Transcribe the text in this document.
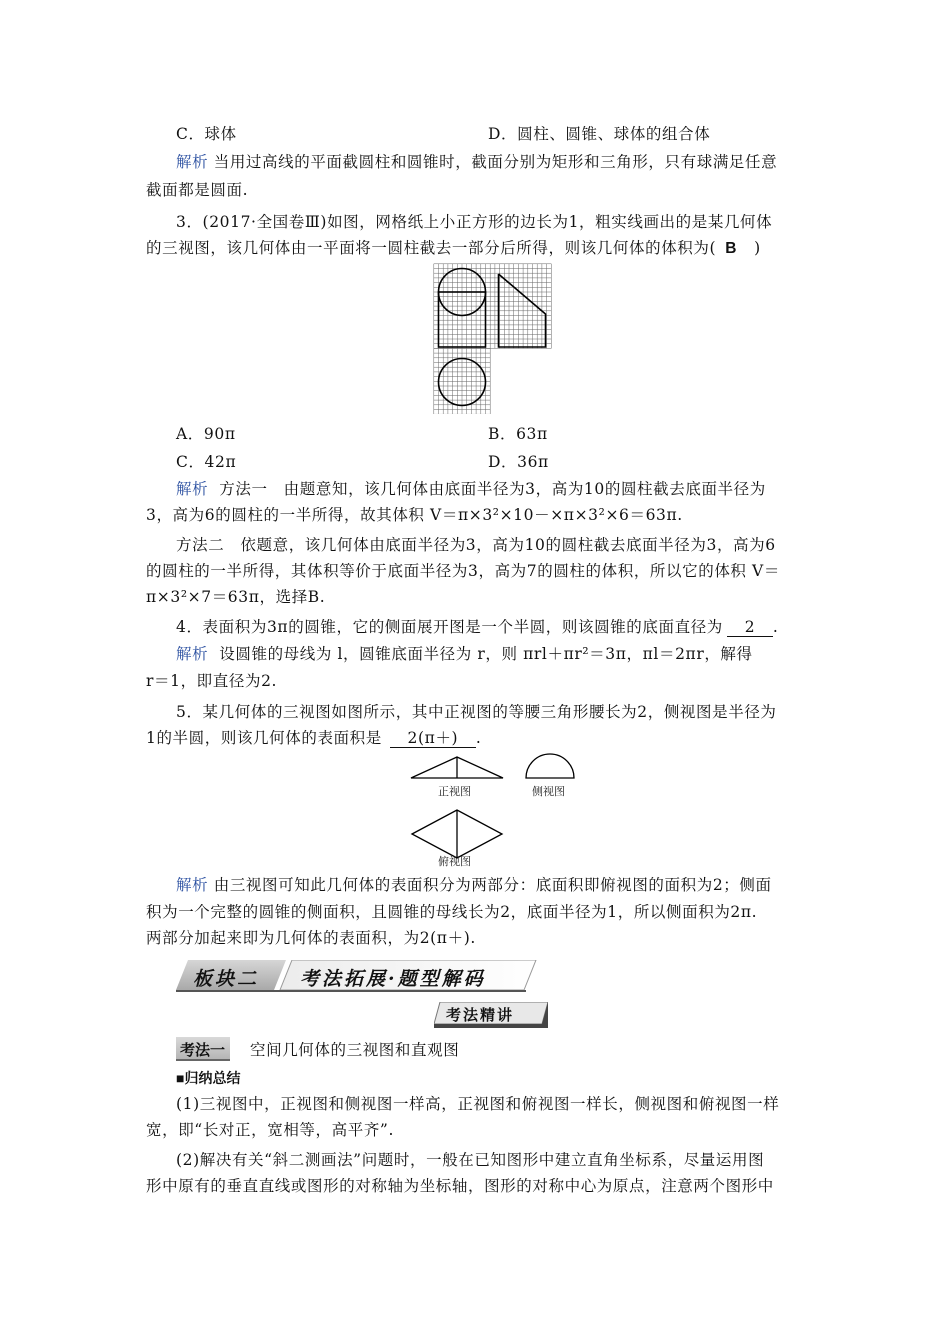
C．球体	D．圆柱、圆锥、球体的组合体
解析 当用过高线的平面截圆柱和圆锥时，截面分别为矩形和三角形，只有球满足任意
截面都是圆面.
3．(2017·全国卷Ⅲ)如图，网格纸上小正方形的边长为1，粗实线画出的是某几何体
的三视图，该几何体由一平面将一圆柱截去一部分后所得，则该几何体的体积为( B )
A．90π	B．63π
C．42π	D．36π
解析 方法一　由题意知，该几何体由底面半径为3，高为10的圆柱截去底面半径为
3，高为6的圆柱的一半所得，故其体积 V＝π×3²×10－×π×3²×6＝63π.
方法二　依题意，该几何体由底面半径为3，高为10的圆柱截去底面半径为3，高为6
的圆柱的一半所得，其体积等价于底面半径为3，高为7的圆柱的体积，所以它的体积 V＝
π×3²×7＝63π，选择B.
4．表面积为3π的圆锥，它的侧面展开图是一个半圆，则该圆锥的底面直径为 2 .
解析 设圆锥的母线为 l，圆锥底面半径为 r，则 πrl＋πr²＝3π，πl＝2πr，解得
r＝1，即直径为2.
5．某几何体的三视图如图所示，其中正视图的等腰三角形腰长为2，侧视图是半径为
1的半圆，则该几何体的表面积是 2(π＋) .
正视图	侧视图
俯视图
解析 由三视图可知此几何体的表面积分为两部分：底面积即俯视图的面积为2；侧面
积为一个完整的圆锥的侧面积，且圆锥的母线长为2，底面半径为1，所以侧面积为2π.
两部分加起来即为几何体的表面积，为2(π＋).
板块二 考法拓展·题型解码
考法精讲
考法一 空间几何体的三视图和直观图
■归纳总结
(1)三视图中，正视图和侧视图一样高，正视图和俯视图一样长，侧视图和俯视图一样
宽，即“长对正，宽相等，高平齐”.
(2)解决有关“斜二测画法”问题时，一般在已知图形中建立直角坐标系，尽量运用图
形中原有的垂直直线或图形的对称轴为坐标轴，图形的对称中心为原点，注意两个图形中
